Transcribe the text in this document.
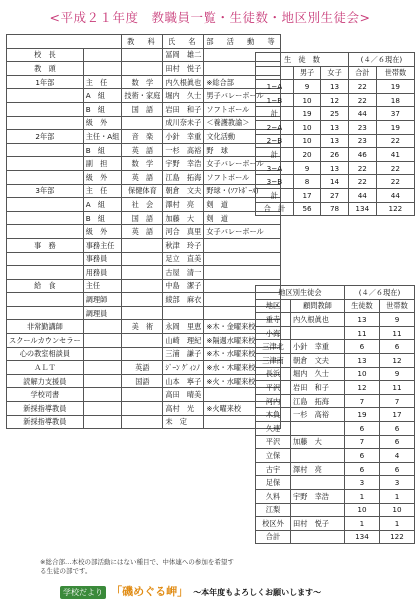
<平成２１年度　教職員一覧・生徒数・地区別生徒会>
		教　科	氏　名	部　活　動　等
校　長			冨岡　雄二	
教　頭			田村　悦子	
1年部	主　任	数　学	内久根眞也	※総合部
	A　組	技術・家庭	堀内　久士	男子バレーボール
	B　組	国　語	岩田　和子	ソフトボール
	級　外		成川奈未子	＜養護教諭＞
2年部	主任・A組	音　楽	小針　幸重	文化活動
	B　組	英　語	一杉　高裕	野　球
	副　担	数　学	宇野　幸浩	女子バレーボール
	級　外	英　語	江島　拓海	ソフトボール
3年部	主　任	保健体育	朝倉　文夫	野球・(ｿﾌﾄﾎﾞｰﾙ)
	A　組	社　会	澤村　亮	剣　道
	B　組	国　語	加藤　大	剣　道
	級　外	英　語	河合　真里	女子バレーボール
事　務	事務主任		秋津　玲子	
	事務員		足立　直美	
	用務員		古屋　清一	
給　食	主任		中島　潔子	
	調理師		綾部　麻衣	
	調理員			
非常勤講師		美　術	永岡　里恵	※木・金曜来校
スクールカウンセラー			山崎　理紀	※隔週水曜来校
心の教室相談員			三浦　謙子	※木・水曜来校
ＡＬＴ		英語	ｼﾞｰﾝ ｸﾞｨﾝﾉ	※水・木曜来校
読解力支援員		国語	山本　寧子	※火・水曜来校
学校司書			高田　晴美	
新採指導教員			高村　光	※火曜来校
新採指導教員			未　定	
生　徒　数			(４／６現在)	
	男子	女子	合計	世帯数
1−A	9	13	22	19
1−B	10	12	22	18
計	19	25	44	37
2−A	10	13	23	19
2−B	10	13	23	22
計	20	26	46	41
3−A	9	13	22	22
3−B	8	14	22	22
計	17	27	44	44
合　計	56	78	134	122
地区別生徒会		(４／６現在)	
地区	顧問教師	生徒数	世帯数
重寺	内久根眞也	13	9
小海		11	11
三津北	小針　幸重	6	6
三津南	朝倉　文夫	13	12
長浜	堀内　久士	10	9
平沢	岩田　和子	12	11
河内	江島　拓海	7	7
木負	一杉　高裕	19	17
久連		6	6
平沢	加藤　大	7	6
立保		6	4
古宇	澤村　亮	6	6
足保		3	3
久料	宇野　幸浩	1	1
江梨		10	10
校区外	田村　悦子	1	1
合計		134	122
※総合部…本校の部活動にはない種目で、中体連への参加を希望する生徒の部です。
学校だより 「磯めぐる岬」 〜本年度もよろしくお願いします〜
